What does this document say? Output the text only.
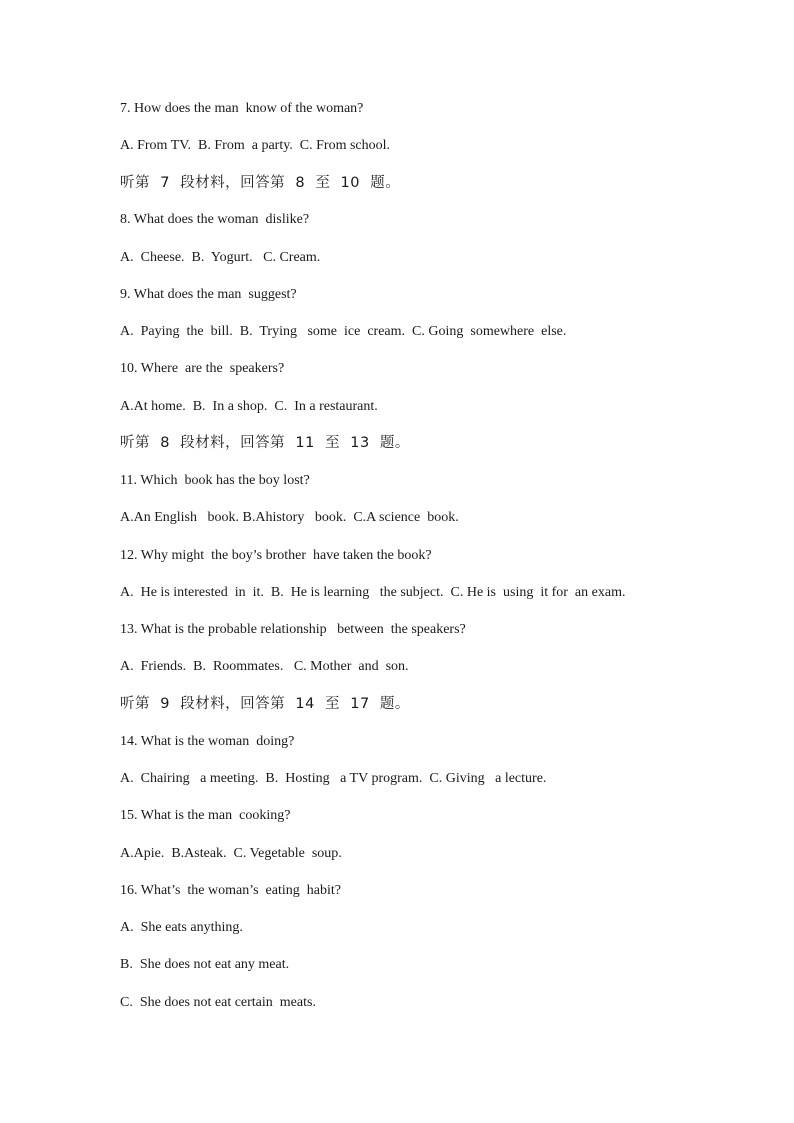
7. How does the man  know of the woman?
A. From TV.  B. From  a party.  C. From school.
听第  7  段材料，回答第  8  至  10  题。
8. What does the woman  dislike?
A.  Cheese.  B.  Yogurt.   C. Cream.
9. What does the man  suggest?
A.  Paying  the  bill.  B.  Trying   some  ice  cream.  C. Going  somewhere  else.
10. Where  are the  speakers?
A.At home.  B.  In a shop.  C.  In a restaurant.
听第  8  段材料，回答第  11  至  13  题。
11. Which  book has the boy lost?
A.An English   book. B.Ahistory   book.  C.A science  book.
12. Why might  the boy’s brother  have taken the book?
A.  He is interested  in  it.  B.  He is learning   the subject.  C. He is  using  it for  an exam.
13. What is the probable relationship   between  the speakers?
A.  Friends.  B.  Roommates.   C. Mother  and  son.
听第  9  段材料，回答第  14  至  17  题。
14. What is the woman  doing?
A.  Chairing   a meeting.  B.  Hosting   a TV program.  C. Giving   a lecture.
15. What is the man  cooking?
A.Apie.  B.Asteak.  C. Vegetable  soup.
16. What’s  the woman’s  eating  habit?
A.  She eats anything.
B.  She does not eat any meat.
C.  She does not eat certain  meats.
